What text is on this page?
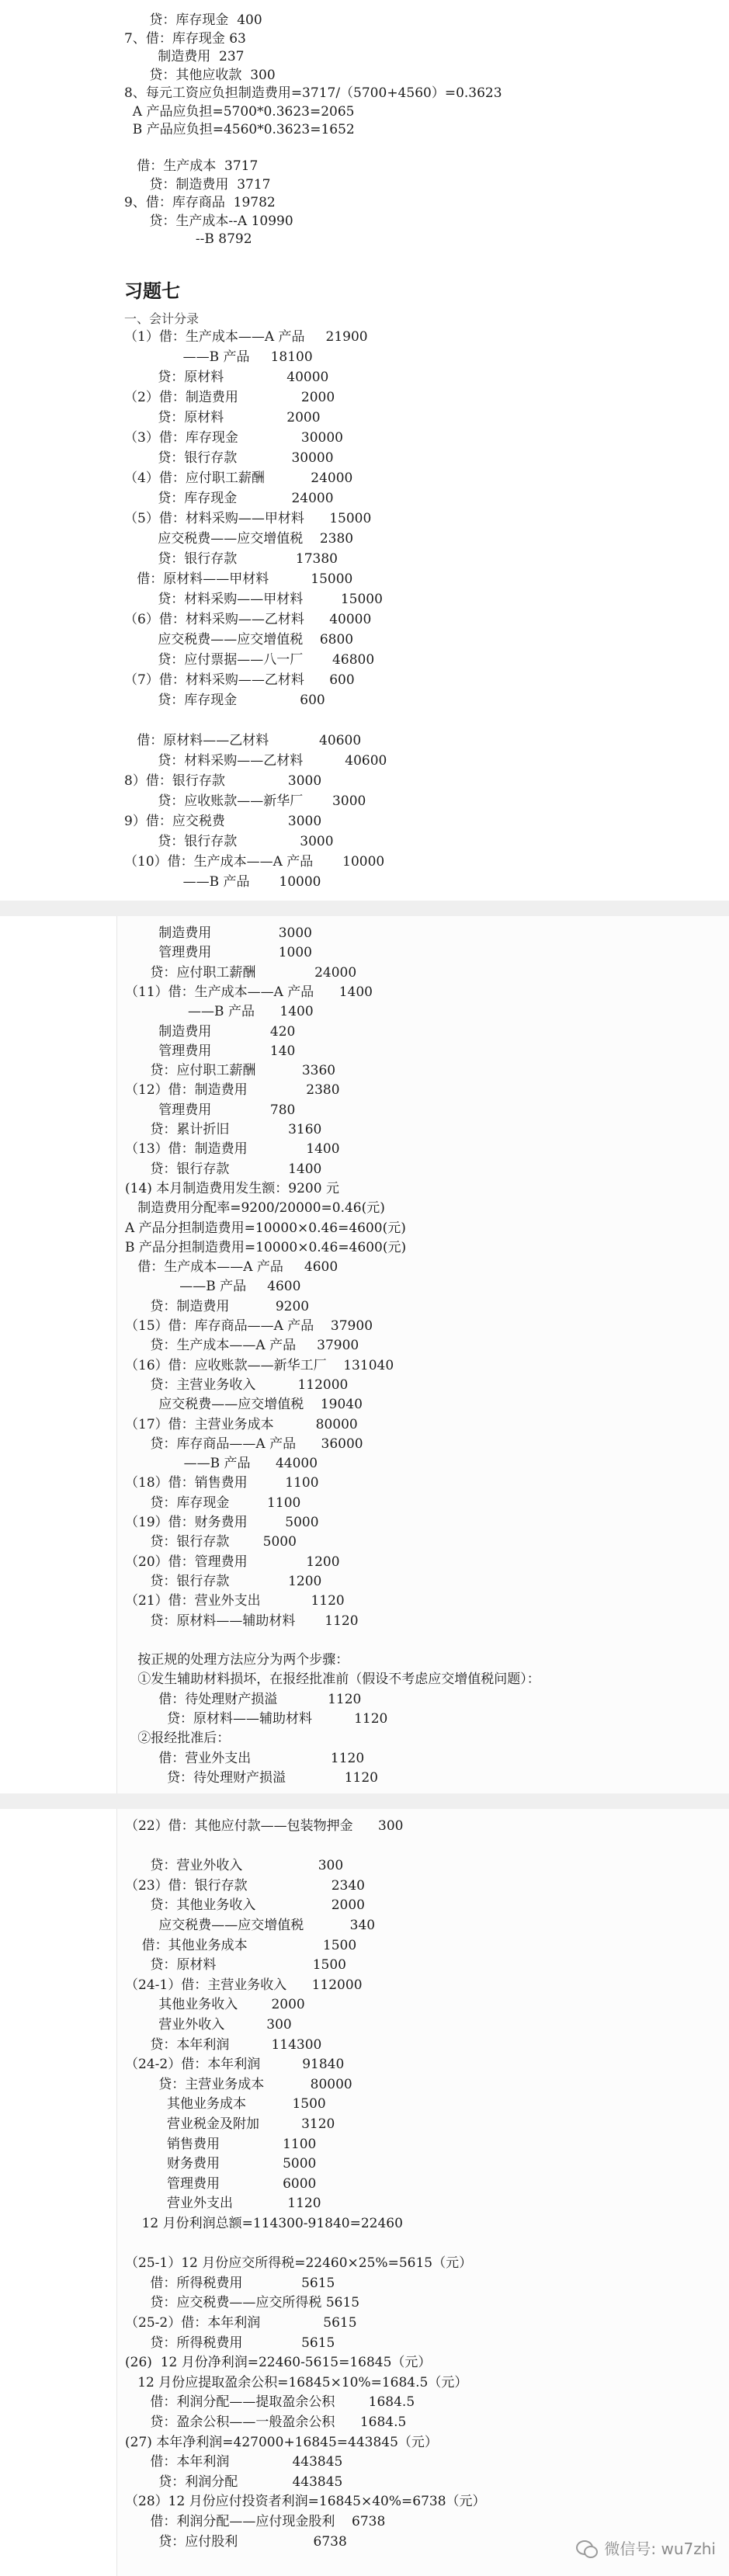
贷：库存现金  400
7、借：库存现金 63
制造费用  237
贷：其他应收款  300
8、每元工资应负担制造费用=3717/（5700+4560）=0.3623
A 产品应负担=5700*0.3623=2065
B 产品应负担=4560*0.3623=1652
借：生产成本  3717
贷：制造费用  3717
9、借：库存商品  19782
贷：生产成本--A 10990
--B 8792
习题七
一、会计分录
（1）借：生产成本——A 产品     21900
——B 产品     18100
贷：原材料               40000
（2）借：制造费用               2000
贷：原材料               2000
（3）借：库存现金               30000
贷：银行存款             30000
（4）借：应付职工薪酬           24000
贷：库存现金             24000
（5）借：材料采购——甲材料      15000
应交税费——应交增值税    2380
贷：银行存款              17380
借：原材料——甲材料          15000
贷：材料采购——甲材料         15000
（6）借：材料采购——乙材料      40000
应交税费——应交增值税    6800
贷：应付票据——八一厂       46800
（7）借：材料采购——乙材料      600
贷：库存现金               600
借：原材料——乙材料            40600
贷：材料采购——乙材料          40600
8）借：银行存款               3000
贷：应收账款——新华厂       3000
9）借：应交税费               3000
贷：银行存款               3000
（10）借：生产成本——A 产品       10000
——B 产品       10000
制造费用                3000
管理费用                1000
贷：应付职工薪酬              24000
（11）借：生产成本——A 产品      1400
——B 产品      1400
制造费用              420
管理费用              140
贷：应付职工薪酬           3360
（12）借：制造费用              2380
管理费用              780
贷：累计折旧              3160
（13）借：制造费用              1400
贷：银行存款              1400
(14) 本月制造费用发生额：9200 元
制造费用分配率=9200/20000=0.46(元)
A 产品分担制造费用=10000×0.46=4600(元)
B 产品分担制造费用=10000×0.46=4600(元)
借：生产成本——A 产品     4600
——B 产品     4600
贷：制造费用           9200
（15）借：库存商品——A 产品    37900
贷：生产成本——A 产品     37900
（16）借：应收账款——新华工厂    131040
贷：主营业务收入          112000
应交税费——应交增值税    19040
（17）借：主营业务成本          80000
贷：库存商品——A 产品      36000
——B 产品      44000
（18）借：销售费用         1100
贷：库存现金         1100
（19）借：财务费用         5000
贷：银行存款        5000
（20）借：管理费用              1200
贷：银行存款              1200
（21）借：营业外支出            1120
贷：原材料——辅助材料       1120
按正规的处理方法应分为两个步骤：
①发生辅助材料损坏，在报经批准前（假设不考虑应交增值税问题）：
借：待处理财产损溢            1120
贷：原材料——辅助材料          1120
②报经批准后：
借：营业外支出                   1120
贷：待处理财产损溢              1120
微信号: wu7zhi
（22）借：其他应付款——包装物押金      300
贷：营业外收入                  300
（23）借：银行存款                    2340
贷：其他业务收入                  2000
应交税费——应交增值税           340
借：其他业务成本                  1500
贷：原材料                       1500
（24-1）借：主营业务收入      112000
其他业务收入        2000
营业外收入          300
贷：本年利润          114300
（24-2）借：本年利润          91840
贷：主营业务成本           80000
其他业务成本           1500
营业税金及附加          3120
销售费用               1100
财务费用               5000
管理费用               6000
营业外支出             1120
12 月份利润总额=114300-91840=22460
（25-1）12 月份应交所得税=22460×25%=5615（元）
借：所得税费用              5615
贷：应交税费——应交所得税 5615
（25-2）借：本年利润               5615
贷：所得税费用              5615
(26)  12 月份净利润=22460-5615=16845（元）
12 月份应提取盈余公积=16845×10%=1684.5（元）
借：利润分配——提取盈余公积        1684.5
贷：盈余公积——一般盈余公积      1684.5
(27) 本年净利润=427000+16845=443845（元）
借：本年利润               443845
贷：利润分配             443845
（28）12 月份应付投资者利润=16845×40%=6738（元）
借：利润分配——应付现金股利    6738
贷：应付股利                  6738
